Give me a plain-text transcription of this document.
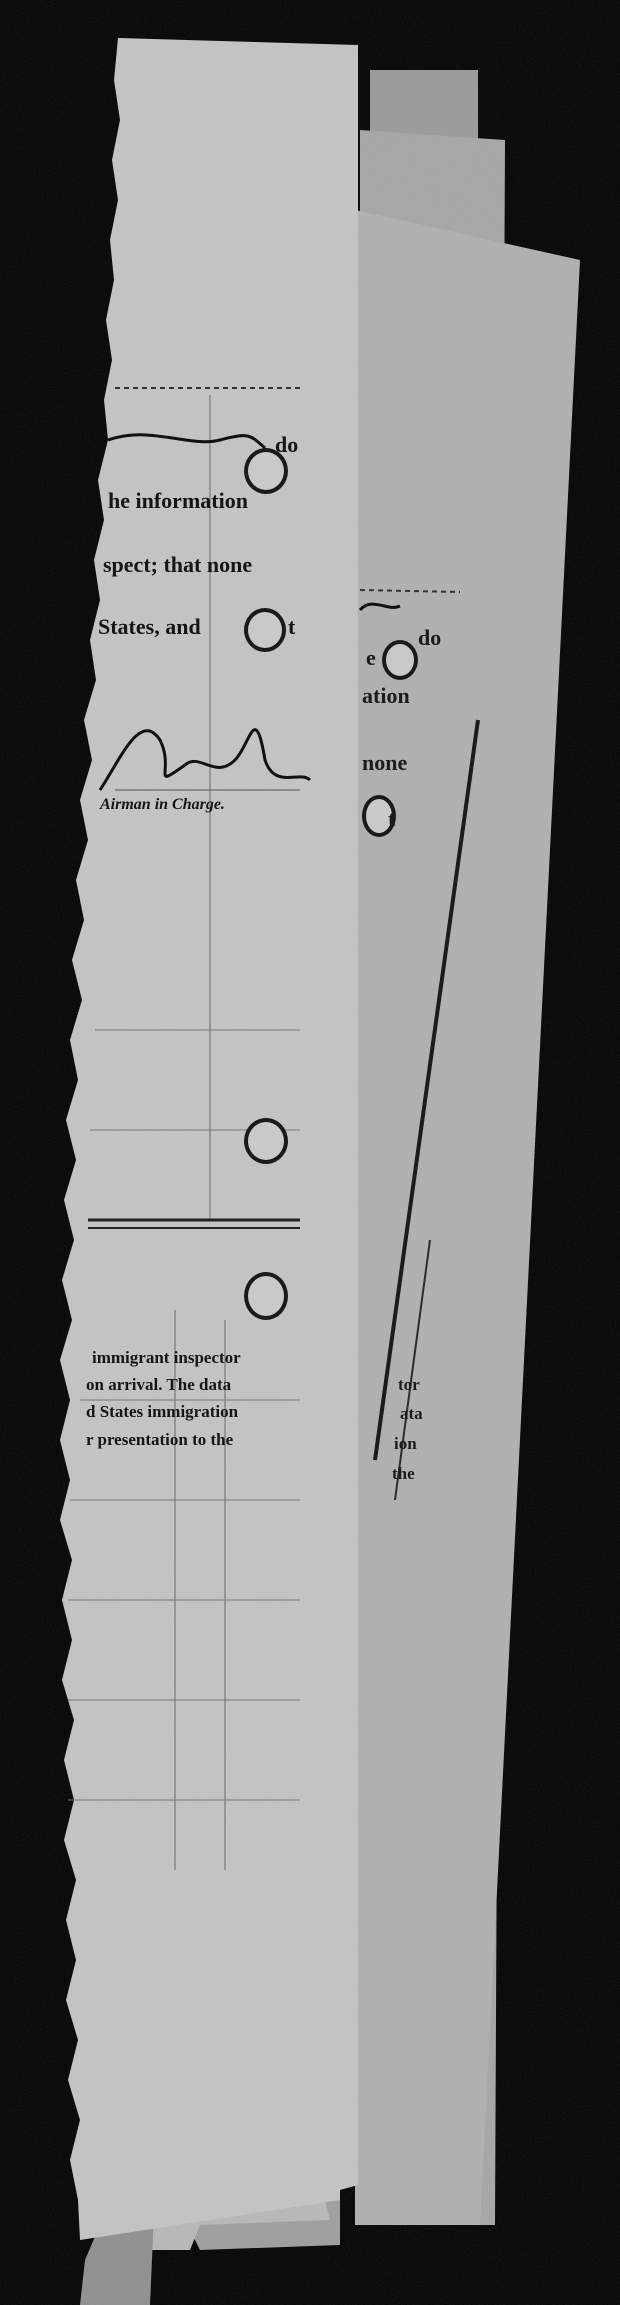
do
he information
spect; that none
States, and	t
Airman in Charge.
immigrant inspector
on arrival. The data
d States immigration
r presentation to the
do
e
ation
none
t
tor
ata
ion
the
